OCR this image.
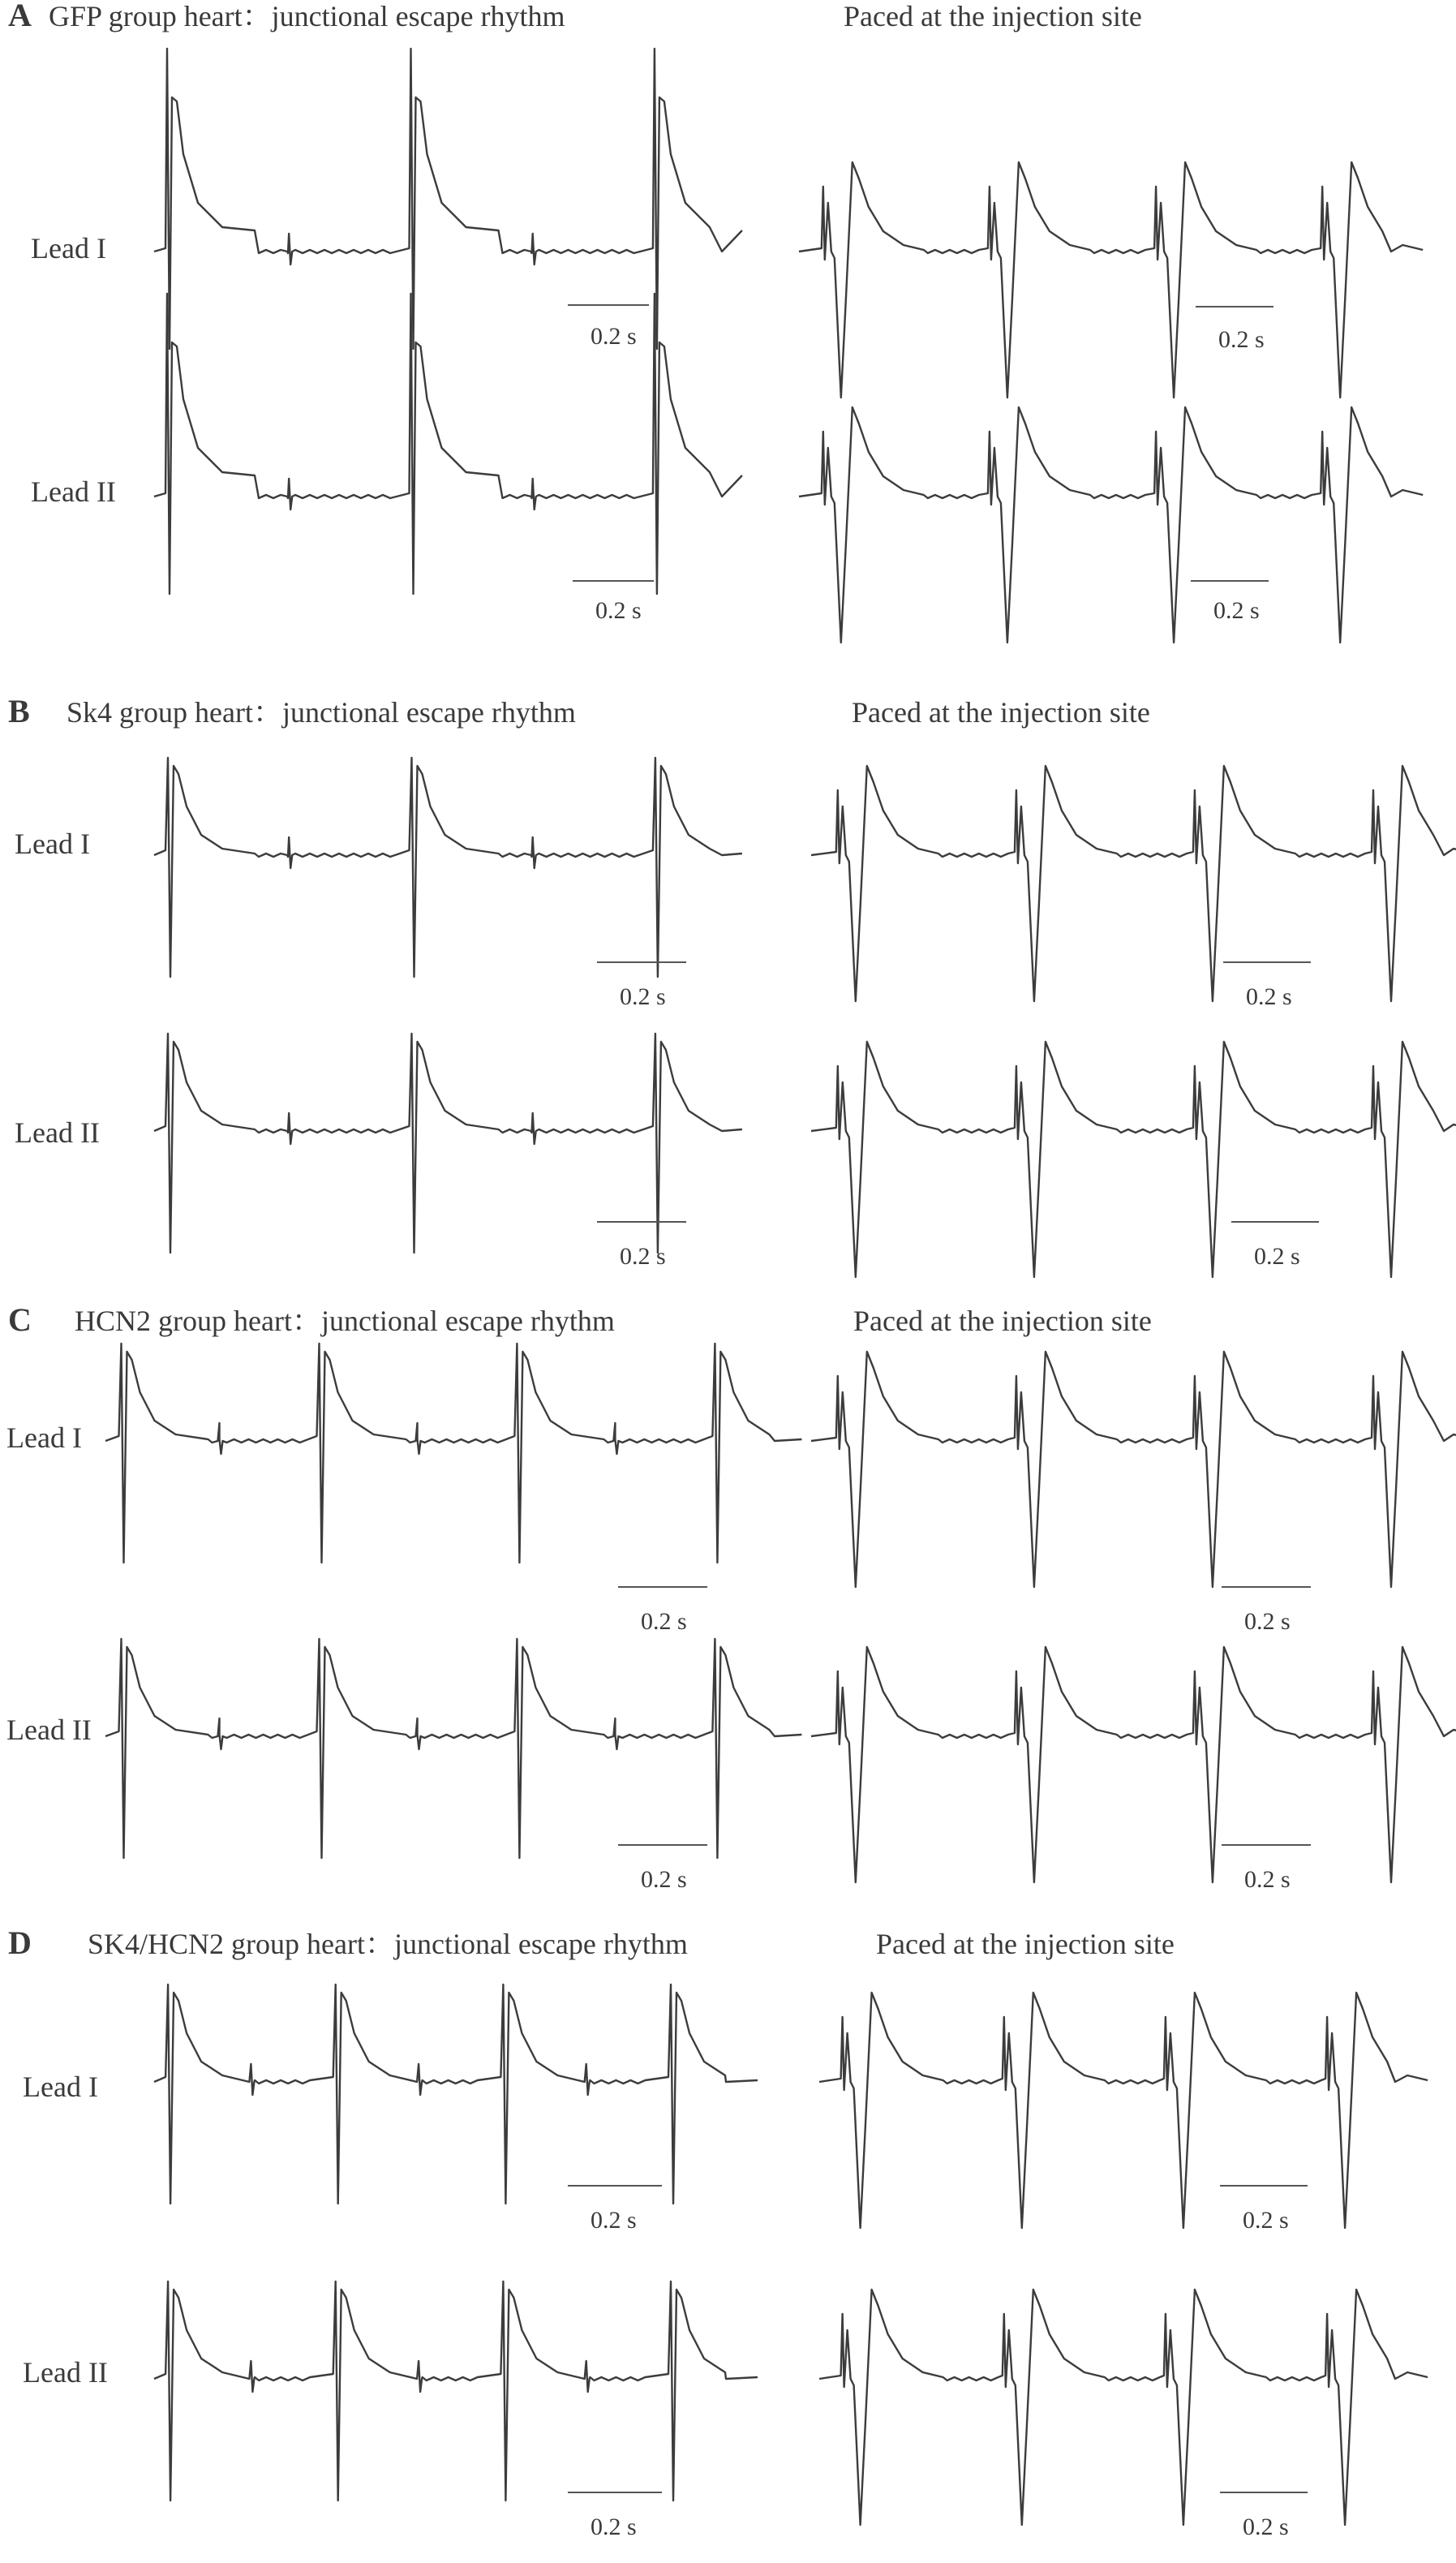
A GFP group heart：junctional escape rhythm	Paced at the injection site
Lead I
0.2 s	0.2 s
Lead II
0.2 s	0.2 s
B Sk4 group heart：junctional escape rhythm	Paced at the injection site
Lead I
0.2 s	0.2 s
Lead II
0.2 s	0.2 s
C HCN2 group heart：junctional escape rhythm	Paced at the injection site
Lead I
0.2 s	0.2 s
Lead II
0.2 s	0.2 s
D SK4/HCN2 group heart：junctional escape rhythm	Paced at the injection site
Lead I
0.2 s	0.2 s
Lead II
0.2 s	0.2 s
